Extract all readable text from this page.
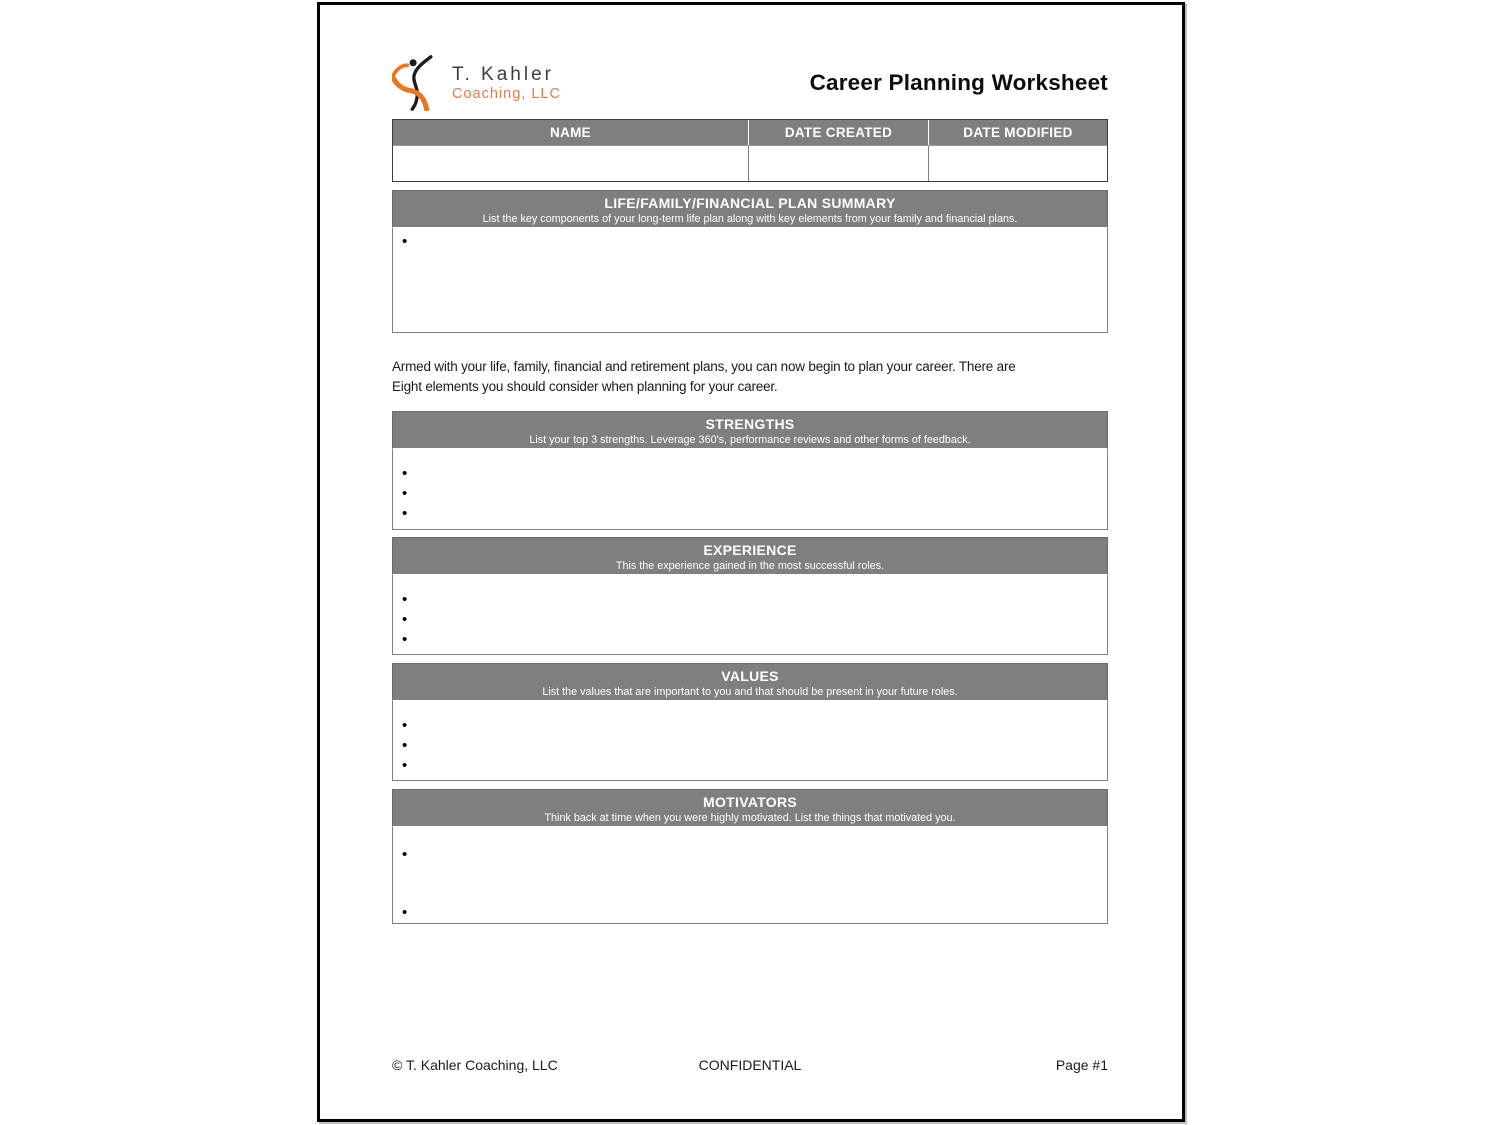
T. Kahler
Coaching, LLC	Career Planning Worksheet
NAME	DATE CREATED	DATE MODIFIED
LIFE/FAMILY/FINANCIAL PLAN SUMMARY
List the key components of your long-term life plan along with key elements from your family and financial plans.
•
Armed with your life, family, financial and retirement plans, you can now begin to plan your career. There are
Eight elements you should consider when planning for your career.
STRENGTHS
List your top 3 strengths. Leverage 360's, performance reviews and other forms of feedback.
•
•
•
EXPERIENCE
This the experience gained in the most successful roles.
•
•
•
VALUES
List the values that are important to you and that should be present in your future roles.
•
•
•
MOTIVATORS
Think back at time when you were highly motivated. List the things that motivated you.
•
•
© T. Kahler Coaching, LLC	CONFIDENTIAL	Page #1
